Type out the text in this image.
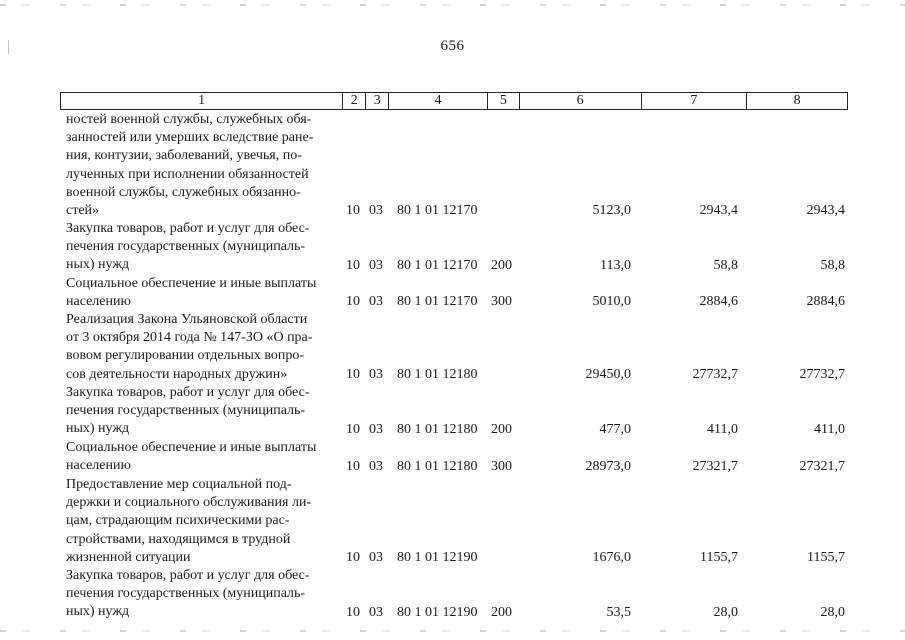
656
1	2	3	4	5	6	7	8
ностей военной службы, служебных обя-
занностей или умерших вследствие ране-
ния, контузии, заболеваний, увечья, по-
лученных при исполнении обязанностей
военной службы, служебных обязанно-
стей»	10 03 80 1 01 12170	5123,0	2943,4	2943,4
Закупка товаров, работ и услуг для обес-
печения государственных (муниципаль-
ных) нужд	10 03 80 1 01 12170 200	113,0	58,8	58,8
Социальное обеспечение и иные выплаты
населению	10 03 80 1 01 12170 300	5010,0	2884,6	2884,6
Реализация Закона Ульяновской области
от 3 октября 2014 года № 147-ЗО «О пра-
вовом регулировании отдельных вопро-
сов деятельности народных дружин»	10 03 80 1 01 12180	29450,0	27732,7	27732,7
Закупка товаров, работ и услуг для обес-
печения государственных (муниципаль-
ных) нужд	10 03 80 1 01 12180 200	477,0	411,0	411,0
Социальное обеспечение и иные выплаты
населению	10 03 80 1 01 12180 300	28973,0	27321,7	27321,7
Предоставление мер социальной под-
держки и социального обслуживания ли-
цам, страдающим психическими рас-
стройствами, находящимся в трудной
жизненной ситуации	10 03 80 1 01 12190	1676,0	1155,7	1155,7
Закупка товаров, работ и услуг для обес-
печения государственных (муниципаль-
ных) нужд	10 03 80 1 01 12190 200	53,5	28,0	28,0
